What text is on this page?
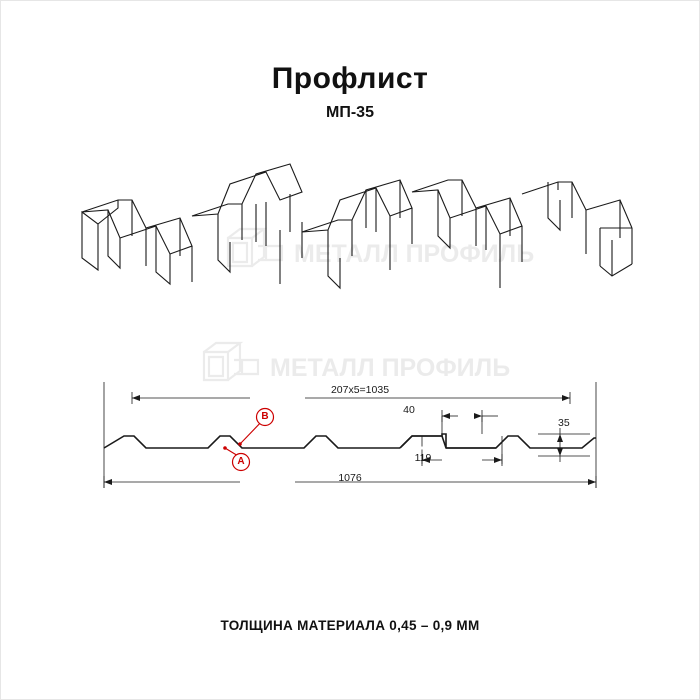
Профлист
МП-35
МЕТАЛЛ ПРОФИЛЬ
МЕТАЛЛ ПРОФИЛЬ
B
A
207х5=1035
40
119
35
1076
ТОЛЩИНА МАТЕРИАЛА 0,45 – 0,9 ММ
